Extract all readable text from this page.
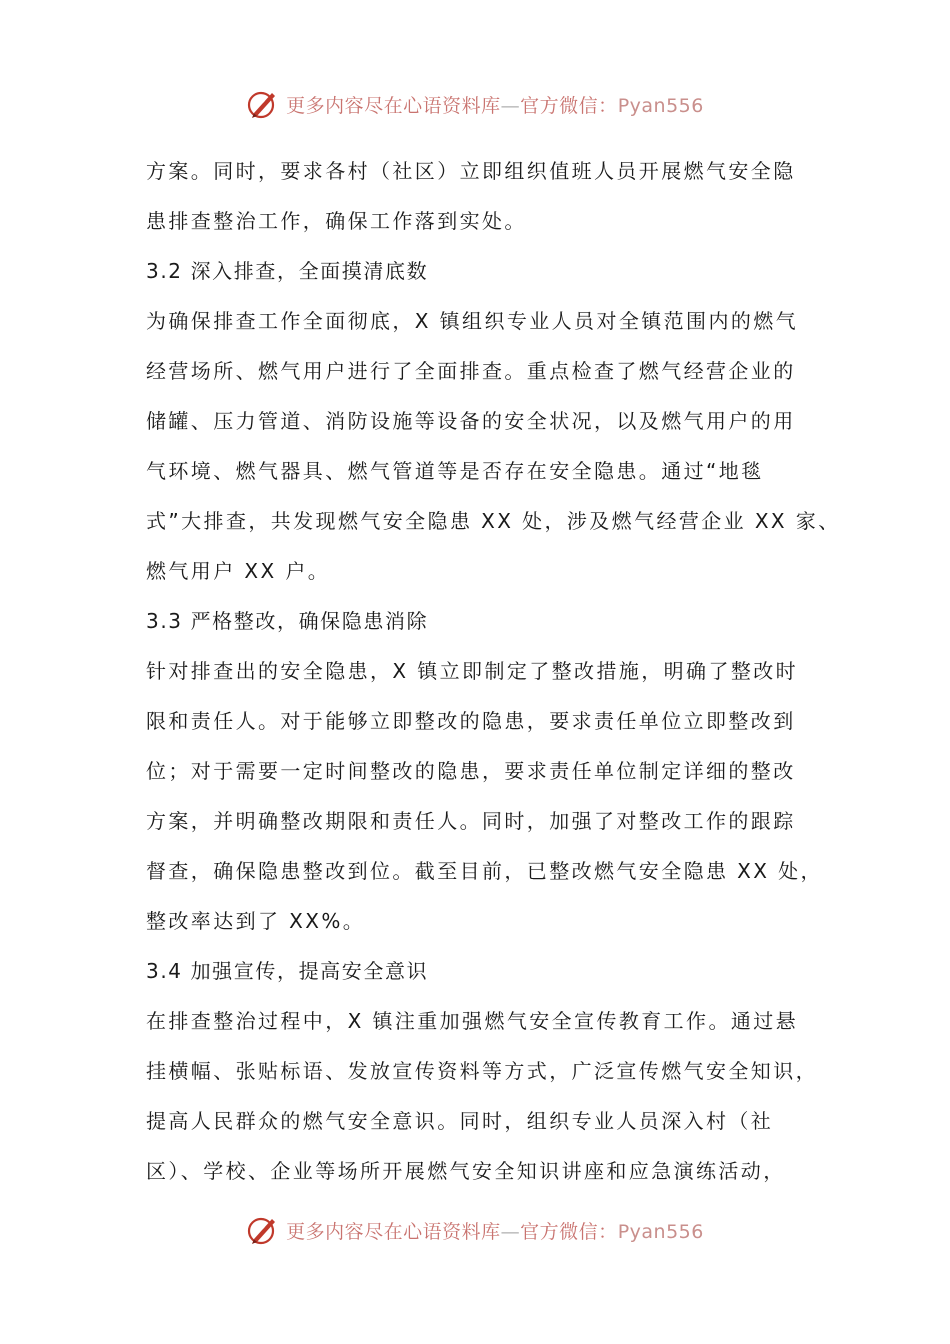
更多内容尽在心语资料库—官方微信：Pyan556
方案。同时，要求各村（社区）立即组织值班人员开展燃气安全隐
患排查整治工作，确保工作落到实处。
3.2 深入排查，全面摸清底数
为确保排查工作全面彻底，X 镇组织专业人员对全镇范围内的燃气
经营场所、燃气用户进行了全面排查。重点检查了燃气经营企业的
储罐、压力管道、消防设施等设备的安全状况，以及燃气用户的用
气环境、燃气器具、燃气管道等是否存在安全隐患。通过“地毯
式”大排查，共发现燃气安全隐患 XX 处，涉及燃气经营企业 XX 家、
燃气用户 XX 户。
3.3 严格整改，确保隐患消除
针对排查出的安全隐患，X 镇立即制定了整改措施，明确了整改时
限和责任人。对于能够立即整改的隐患，要求责任单位立即整改到
位；对于需要一定时间整改的隐患，要求责任单位制定详细的整改
方案，并明确整改期限和责任人。同时，加强了对整改工作的跟踪
督查，确保隐患整改到位。截至目前，已整改燃气安全隐患 XX 处，
整改率达到了 XX%。
3.4 加强宣传，提高安全意识
在排查整治过程中，X 镇注重加强燃气安全宣传教育工作。通过悬
挂横幅、张贴标语、发放宣传资料等方式，广泛宣传燃气安全知识，
提高人民群众的燃气安全意识。同时，组织专业人员深入村（社
区）、学校、企业等场所开展燃气安全知识讲座和应急演练活动，
更多内容尽在心语资料库—官方微信：Pyan556
